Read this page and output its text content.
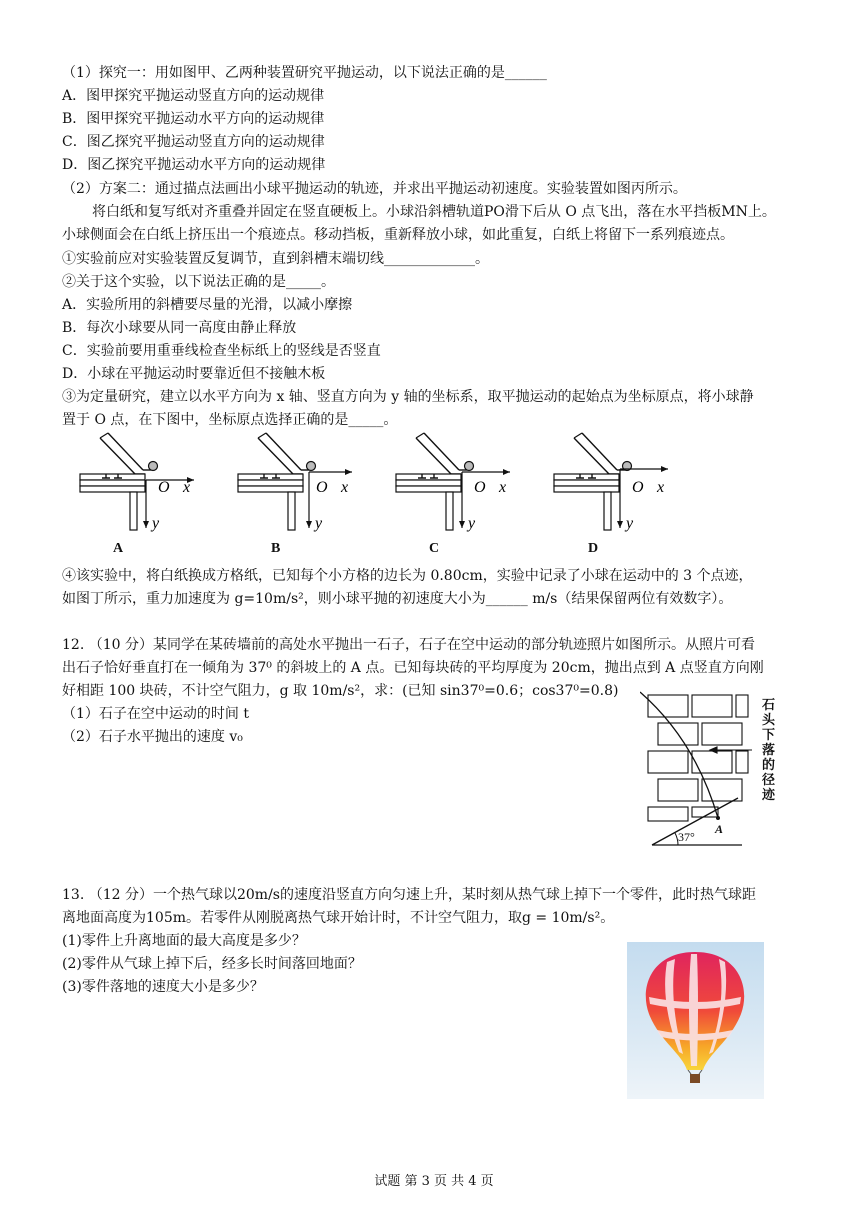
（1）探究一：用如图甲、乙两种装置研究平抛运动，以下说法正确的是______
A．图甲探究平抛运动竖直方向的运动规律
B．图甲探究平抛运动水平方向的运动规律
C．图乙探究平抛运动竖直方向的运动规律
D．图乙探究平抛运动水平方向的运动规律
（2）方案二：通过描点法画出小球平抛运动的轨迹，并求出平抛运动初速度。实验装置如图丙所示。
将白纸和复写纸对齐重叠并固定在竖直硬板上。小球沿斜槽轨道PO滑下后从 O 点飞出，落在水平挡板MN上。
小球侧面会在白纸上挤压出一个痕迹点。移动挡板，重新释放小球，如此重复，白纸上将留下一系列痕迹点。
①实验前应对实验装置反复调节，直到斜槽末端切线_____________。
②关于这个实验，以下说法正确的是_____。
A．实验所用的斜槽要尽量的光滑，以减小摩擦
B．每次小球要从同一高度由静止释放
C．实验前要用重垂线检查坐标纸上的竖线是否竖直
D．小球在平抛运动时要靠近但不接触木板
③为定量研究，建立以水平方向为 x 轴、竖直方向为 y 轴的坐标系，取平抛运动的起始点为坐标原点，将小球静
置于 O 点，在下图中，坐标原点选择正确的是_____。
O x
y
O x
y
O x
y
O x
y
A	B	C	D
④该实验中，将白纸换成方格纸，已知每个小方格的边长为 0.80cm，实验中记录了小球在运动中的 3 个点迹，
如图丁所示，重力加速度为 g=10m/s²，则小球平抛的初速度大小为______ m/s（结果保留两位有效数字）。
12. （10 分）某同学在某砖墙前的高处水平抛出一石子，石子在空中运动的部分轨迹照片如图所示。从照片可看
出石子恰好垂直打在一倾角为 37⁰ 的斜坡上的 A 点。已知每块砖的平均厚度为 20cm，抛出点到 A 点竖直方向刚
好相距 100 块砖，不计空气阻力，g 取 10m/s²，求：(已知 sin37⁰=0.6；cos37⁰=0.8)
（1）石子在空中运动的时间 t
（2）石子水平抛出的速度 v₀
A
37°
石头下落的径迹
13. （12 分）一个热气球以20m/s的速度沿竖直方向匀速上升，某时刻从热气球上掉下一个零件，此时热气球距
离地面高度为105m。若零件从刚脱离热气球开始计时，不计空气阻力，取g = 10m/s²。
(1)零件上升离地面的最大高度是多少？
(2)零件从气球上掉下后，经多长时间落回地面？
(3)零件落地的速度大小是多少？
试题 第 3 页 共 4 页
